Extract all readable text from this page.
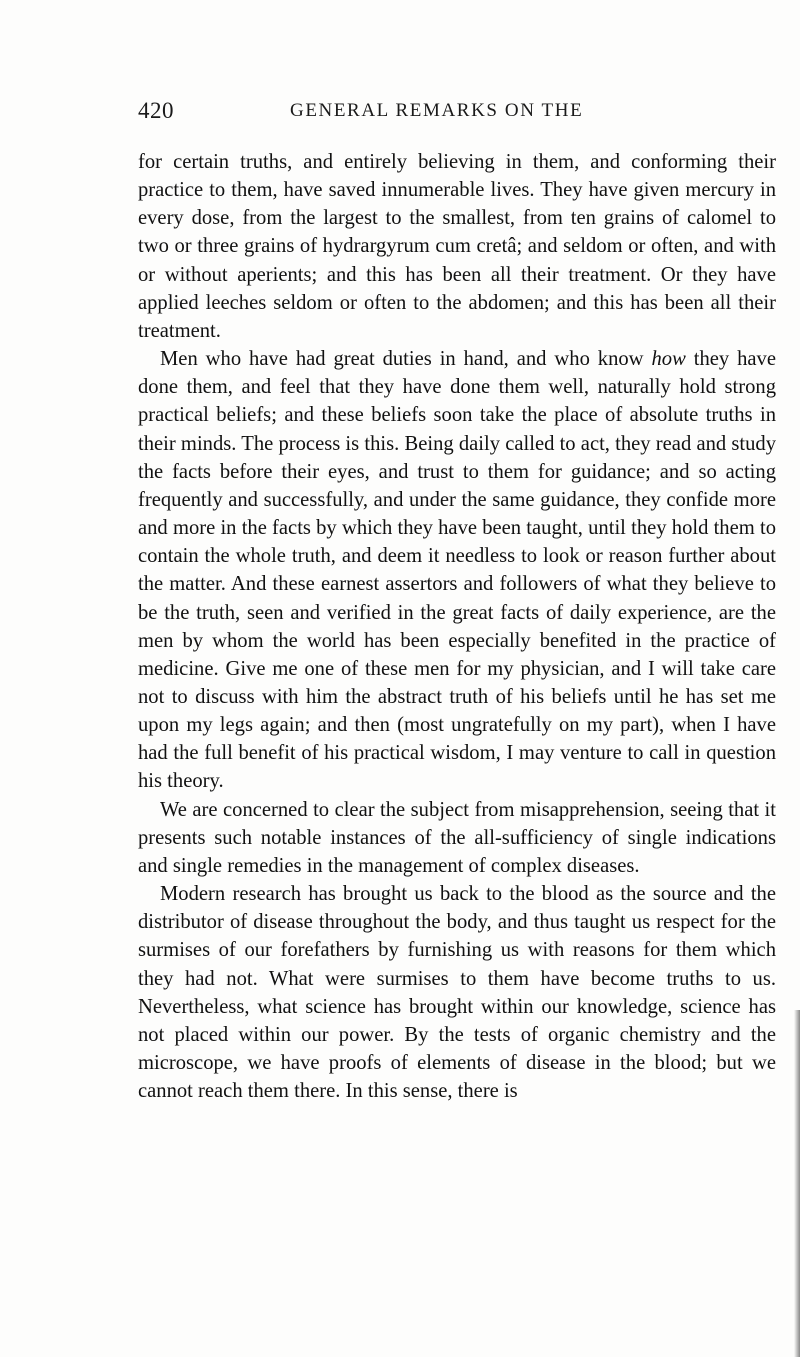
420	GENERAL REMARKS ON THE

for certain truths, and entirely believing in them, and conforming their practice to them, have saved innumerable lives. They have given mercury in every dose, from the largest to the smallest, from ten grains of calomel to two or three grains of hydrargyrum cum cretâ; and seldom or often, and with or without aperients; and this has been all their treatment. Or they have applied leeches seldom or often to the abdomen; and this has been all their treatment.

Men who have had great duties in hand, and who know how they have done them, and feel that they have done them well, naturally hold strong practical beliefs; and these beliefs soon take the place of absolute truths in their minds. The process is this. Being daily called to act, they read and study the facts before their eyes, and trust to them for guidance; and so acting frequently and successfully, and under the same guidance, they confide more and more in the facts by which they have been taught, until they hold them to contain the whole truth, and deem it needless to look or reason further about the matter. And these earnest assertors and followers of what they believe to be the truth, seen and verified in the great facts of daily experience, are the men by whom the world has been especially benefited in the practice of medicine. Give me one of these men for my physician, and I will take care not to discuss with him the abstract truth of his beliefs until he has set me upon my legs again; and then (most ungratefully on my part), when I have had the full benefit of his practical wisdom, I may venture to call in question his theory.

We are concerned to clear the subject from misapprehension, seeing that it presents such notable instances of the all-sufficiency of single indications and single remedies in the management of complex diseases.

Modern research has brought us back to the blood as the source and the distributor of disease throughout the body, and thus taught us respect for the surmises of our forefathers by furnishing us with reasons for them which they had not. What were surmises to them have become truths to us. Nevertheless, what science has brought within our knowledge, science has not placed within our power. By the tests of organic chemistry and the microscope, we have proofs of elements of disease in the blood; but we cannot reach them there. In this sense, there is
